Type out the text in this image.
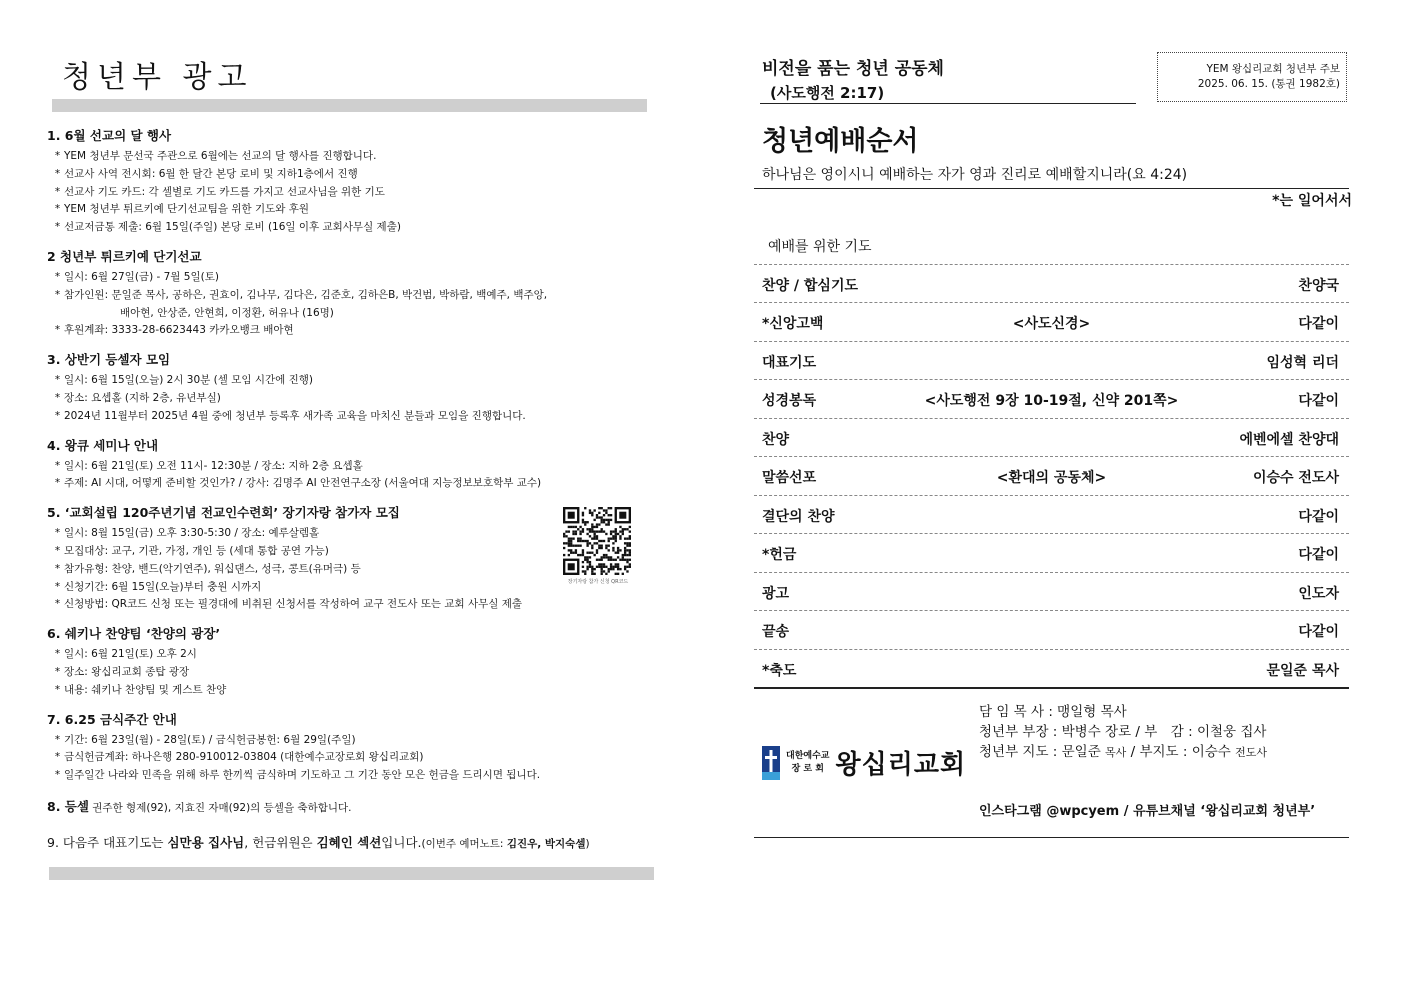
청년부 광고
1. 6월 선교의 달 행사
* YEM 청년부 문선국 주관으로 6월에는 선교의 달 행사를 진행합니다.
* 선교사 사역 전시회: 6월 한 달간 본당 로비 및 지하1층에서 진행
* 선교사 기도 카드: 각 셀별로 기도 카드를 가지고 선교사님을 위한 기도
* YEM 청년부 튀르키예 단기선교팀을 위한 기도와 후원
* 선교저금통 제출: 6월 15일(주일) 본당 로비 (16일 이후 교회사무실 제출)
2 청년부 튀르키예 단기선교
* 일시: 6월 27일(금) - 7월 5일(토)
* 참가인원: 문일준 목사, 공하은, 권효이, 김나무, 김다은, 김준호, 김하은B, 박건범, 박하람, 백예주, 백주앙,
배아현, 안상준, 안현희, 이정환, 허유나 (16명)
* 후원계좌: 3333-28-6623443 카카오뱅크 배아현
3. 상반기 등셀자 모임
* 일시: 6월 15일(오늘) 2시 30분 (셀 모임 시간에 진행)
* 장소: 요셉홀 (지하 2층, 유년부실)
* 2024년 11월부터 2025년 4월 중에 청년부 등록후 새가족 교육을 마치신 분들과 모임을 진행합니다.
4. 왕큐 세미나 안내
* 일시: 6월 21일(토) 오전 11시- 12:30분 / 장소: 지하 2층 요셉홀
* 주제: AI 시대, 어떻게 준비할 것인가? / 강사: 김명주 AI 안전연구소장 (서울여대 지능정보보호학부 교수)
5. ‘교회설립 120주년기념 전교인수련회’ 장기자랑 참가자 모집
* 일시: 8월 15일(금) 오후 3:30-5:30 / 장소: 예루살렘홀
* 모집대상: 교구, 기관, 가정, 개인 등 (세대 통합 공연 가능)
* 참가유형: 찬양, 밴드(악기연주), 워십댄스, 성극, 콩트(유머극) 등
* 신청기간: 6월 15일(오늘)부터 충원 시까지
* 신청방법: QR코드 신청 또는 필경대에 비취된 신청서를 작성하여 교구 전도사 또는 교회 사무실 제출
6. 쉐키나 찬양팀 ‘찬양의 광장’
* 일시: 6월 21일(토) 오후 2시
* 장소: 왕십리교회 종탑 광장
* 내용: 쉐키나 찬양팀 및 게스트 찬양
7. 6.25 금식주간 안내
* 기간: 6월 23일(월) - 28일(토) / 금식헌금봉헌: 6월 29일(주일)
* 금식헌금계좌: 하나은행 280-910012-03804 (대한예수교장로회 왕십리교회)
* 일주일간 나라와 민족을 위해 하루 한끼씩 금식하며 기도하고 그 기간 동안 모은 헌금을 드리시면 됩니다.
8. 등셀 권주한 형제(92), 지효진 자매(92)의 등셀을 축하합니다.
9. 다음주 대표기도는 심만용 집사님, 헌금위원은 김혜인 섹션입니다.(이번주 예머노트: 김진우, 박지숙셀)
장기자랑 참가 신청 QR코드
비전을 품는 청년 공동체
(사도행전 2:17)
YEM 왕십리교회 청년부 주보
2025. 06. 15. (통권 1982호)
청년예배순서
하나님은 영이시니 예배하는 자가 영과 진리로 예배할지니라(요 4:24)
*는 일어서서
예배를 위한 기도
찬양 / 합심기도	찬양국
*신앙고백	<사도신경>	다같이
대표기도	임성혁 리더
성경봉독	<사도행전 9장 10-19절, 신약 201쪽>	다같이
찬양	에벤에셀 찬양대
말씀선포	<환대의 공동체>	이승수 전도사
결단의 찬양	다같이
*헌금	다같이
광고	인도자
끝송	다같이
*축도	문일준 목사
대한예수교
장 로 회 왕십리교회
담 임 목 사 : 맹일형 목사
청년부 부장 : 박병수 장로 / 부　감 : 이철웅 집사
청년부 지도 : 문일준 목사 / 부지도 : 이승수 전도사
인스타그램 @wpcyem / 유튜브채널 ‘왕십리교회 청년부’
